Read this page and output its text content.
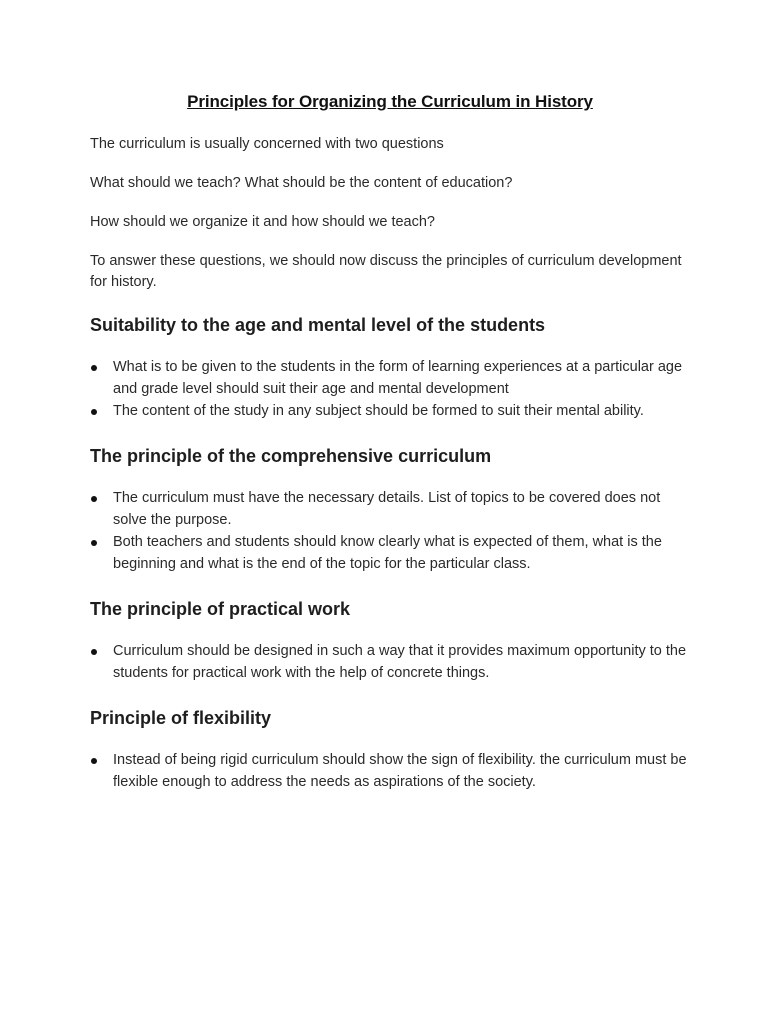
Principles for Organizing the Curriculum in History

The curriculum is usually concerned with two questions

What should we teach? What should be the content of education?

How should we organize it and how should we teach?

To answer these questions, we should now discuss the principles of curriculum development for history.

Suitability to the age and mental level of the students
What is to be given to the students in the form of learning experiences at a particular age and grade level should suit their age and mental development
The content of the study in any subject should be formed to suit their mental ability.
The principle of the comprehensive curriculum
The curriculum must have the necessary details. List of topics to be covered does not solve the purpose.
Both teachers and students should know clearly what is expected of them, what is the beginning and what is the end of the topic for the particular class.
The principle of practical work
Curriculum should be designed in such a way that it provides maximum opportunity to the students for practical work with the help of concrete things.
Principle of flexibility
Instead of being rigid curriculum should show the sign of flexibility. the curriculum must be flexible enough to address the needs as aspirations of the society.
